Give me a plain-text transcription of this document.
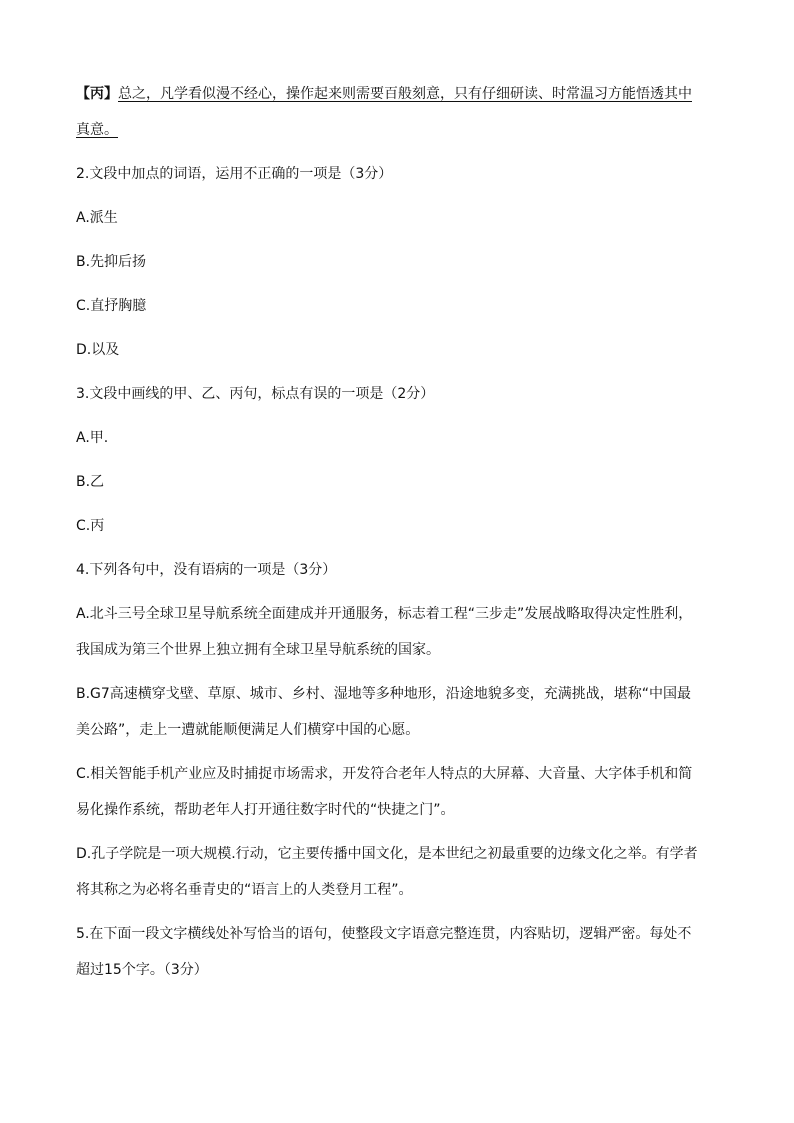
【丙】总之，凡学看似漫不经心，操作起来则需要百般刻意，只有仔细研读、时常温习方能悟透其中
真意。
2.文段中加点的词语，运用不正确的一项是（3分）
A.派生
B.先抑后扬
C.直抒胸臆
D.以及
3.文段中画线的甲、乙、丙句，标点有误的一项是（2分）
A.甲.
B.乙
C.丙
4.下列各句中，没有语病的一项是（3分）
A.北斗三号全球卫星导航系统全面建成并开通服务，标志着工程“三步走”发展战略取得决定性胜利，
我国成为第三个世界上独立拥有全球卫星导航系统的国家。
B.G7高速横穿戈壁、草原、城市、乡村、湿地等多种地形，沿途地貌多变，充满挑战，堪称“中国最
美公路”，走上一遭就能顺便满足人们横穿中国的心愿。
C.相关智能手机产业应及时捕捉市场需求，开发符合老年人特点的大屏幕、大音量、大字体手机和简
易化操作系统，帮助老年人打开通往数字时代的“快捷之门”。
D.孔子学院是一项大规模.行动，它主要传播中国文化，是本世纪之初最重要的边缘文化之举。有学者
将其称之为必将名垂青史的“语言上的人类登月工程”。
5.在下面一段文字横线处补写恰当的语句，使整段文字语意完整连贯，内容贴切，逻辑严密。每处不
超过15个字。（3分）
